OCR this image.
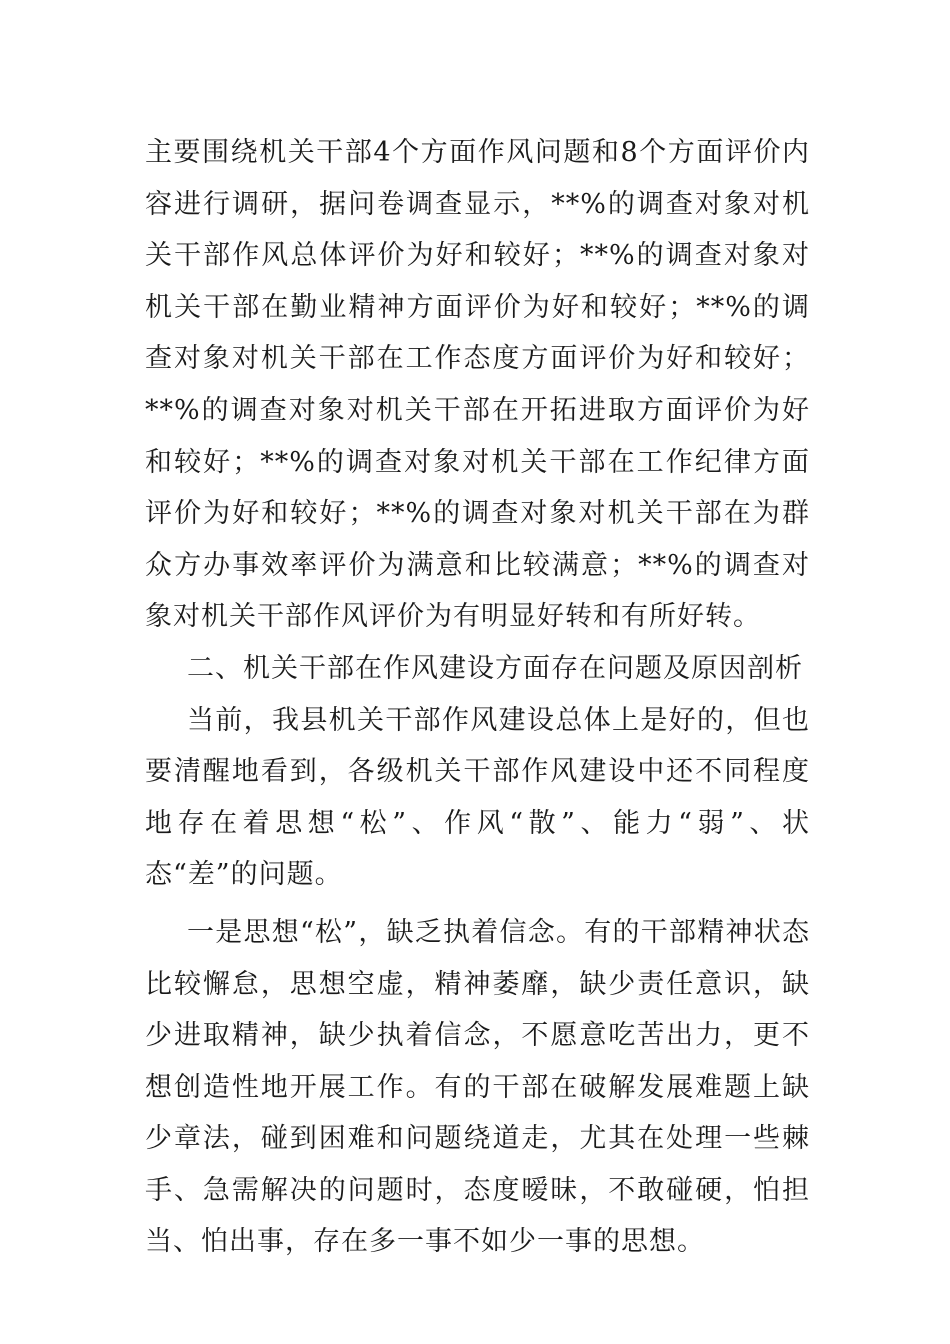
主要围绕机关干部4个方面作风问题和8个方面评价内容进行调研，据问卷调查显示，**%的调查对象对机关干部作风总体评价为好和较好；**%的调查对象对机关干部在勤业精神方面评价为好和较好；**%的调查对象对机关干部在工作态度方面评价为好和较好；**%的调查对象对机关干部在开拓进取方面评价为好和较好；**%的调查对象对机关干部在工作纪律方面评价为好和较好；**%的调查对象对机关干部在为群众方办事效率评价为满意和比较满意；**%的调查对象对机关干部作风评价为有明显好转和有所好转。

二、机关干部在作风建设方面存在问题及原因剖析

当前，我县机关干部作风建设总体上是好的，但也要清醒地看到，各级机关干部作风建设中还不同程度地存在着思想“松”、作风“散”、能力“弱”、状态“差”的问题。

一是思想“松”，缺乏执着信念。有的干部精神状态比较懈怠，思想空虚，精神萎靡，缺少责任意识，缺少进取精神，缺少执着信念，不愿意吃苦出力，更不想创造性地开展工作。有的干部在破解发展难题上缺少章法，碰到困难和问题绕道走，尤其在处理一些棘手、急需解决的问题时，态度暧昧，不敢碰硬，怕担当、怕出事，存在多一事不如少一事的思想。
